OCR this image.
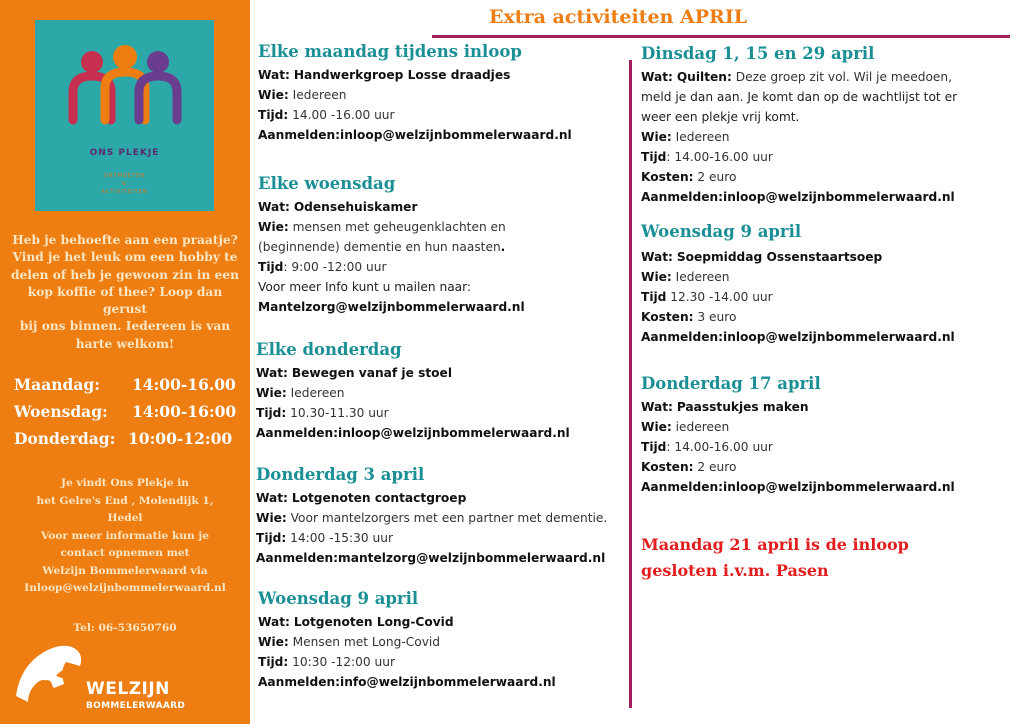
ONS PLEKJE
ONTMOETEN
&
ACTIVITEITEN
Heb je behoefte aan een praatje?
Vind je het leuk om een hobby te
delen of heb je gewoon zin in een
kop koffie of thee? Loop dan gerust
bij ons binnen. Iedereen is van
harte welkom!
Maandag:	14:00-16.00
Woensdag:	14:00-16:00
Donderdag: 10:00-12:00
Je vindt Ons Plekje in
het Gelre's End , Molendijk 1,
Hedel
Voor meer informatie kun je
contact opnemen met
Welzijn Bommelerwaard via
Inloop@welzijnbommelerwaard.nl
Tel: 06-53650760
WELZIJN
BOMMELERWAARD
Extra activiteiten APRIL
Elke maandag tijdens inloop
Wat: Handwerkgroep Losse draadjes
Wie: Iedereen
Tijd: 14.00 -16.00 uur
Aanmelden:inloop@welzijnbommelerwaard.nl
Elke woensdag
Wat: Odensehuiskamer
Wie: mensen met geheugenklachten en
(beginnende) dementie en hun naasten.
Tijd: 9:00 -12:00 uur
Voor meer Info kunt u mailen naar:
Mantelzorg@welzijnbommelerwaard.nl
Elke donderdag
Wat: Bewegen vanaf je stoel
Wie: Iedereen
Tijd: 10.30-11.30 uur
Aanmelden:inloop@welzijnbommelerwaard.nl
Donderdag 3 april
Wat: Lotgenoten contactgroep
Wie: Voor mantelzorgers met een partner met dementie.
Tijd: 14:00 -15:30 uur
Aanmelden:mantelzorg@welzijnbommelerwaard.nl
Woensdag 9 april
Wat: Lotgenoten Long-Covid
Wie: Mensen met Long-Covid
Tijd: 10:30 -12:00 uur
Aanmelden:info@welzijnbommelerwaard.nl
Dinsdag 1, 15 en 29 april
Wat: Quilten: Deze groep zit vol. Wil je meedoen,
meld je dan aan. Je komt dan op de wachtlijst tot er
weer een plekje vrij komt.
Wie: Iedereen
Tijd: 14.00-16.00 uur
Kosten: 2 euro
Aanmelden:inloop@welzijnbommelerwaard.nl
Woensdag 9 april
Wat: Soepmiddag Ossenstaartsoep
Wie: Iedereen
Tijd 12.30 -14.00 uur
Kosten: 3 euro
Aanmelden:inloop@welzijnbommelerwaard.nl
Donderdag 17 april
Wat: Paasstukjes maken
Wie: iedereen
Tijd: 14.00-16.00 uur
Kosten: 2 euro
Aanmelden:inloop@welzijnbommelerwaard.nl
Maandag 21 april is de inloop
gesloten i.v.m. Pasen
